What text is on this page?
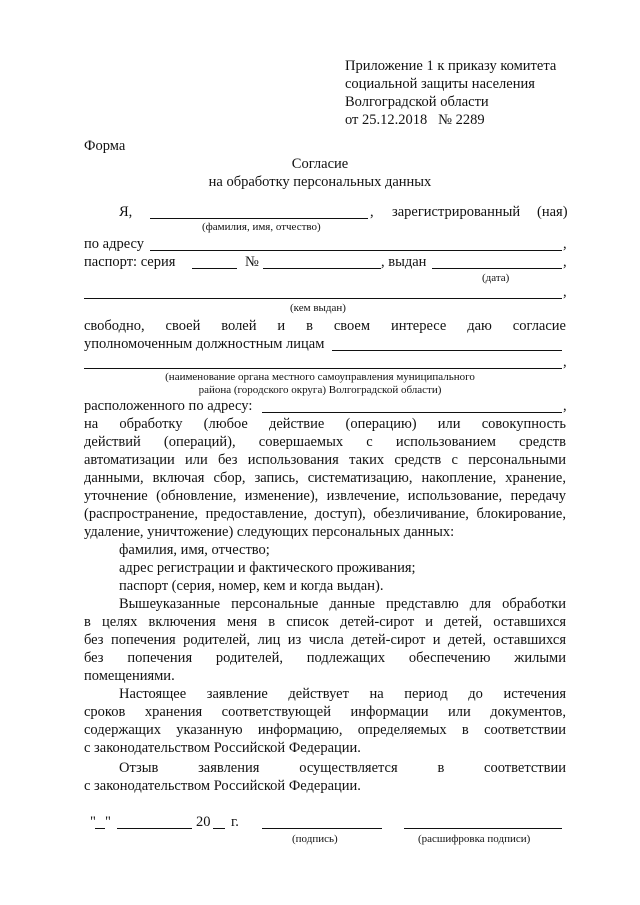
Приложение 1 к приказу комитета
социальной защиты населения
Волгоградской области
от 25.12.2018   № 2289
Форма
Согласие
на обработку персональных данных
Я,	, зарегистрированный (ная)
(фамилия, имя, отчество)
по адресу	,
паспорт: серия	№	, выдан	,
(дата)
,
(кем выдан)
свободно, своей волей и в своем интересе даю согласие
уполномоченным должностным лицам
,
(наименование органа местного самоуправления муниципального
района (городского округа) Волгоградской области)
расположенного по адресу:	,
на обработку (любое действие (операцию) или совокупность
действий (операций), совершаемых с использованием средств
автоматизации или без использования таких средств с персональными
данными, включая сбор, запись, систематизацию, накопление, хранение,
уточнение (обновление, изменение), извлечение, использование, передачу
(распространение, предоставление, доступ), обезличивание, блокирование,
удаление, уничтожение) следующих персональных данных:
фамилия, имя, отчество;
адрес регистрации и фактического проживания;
паспорт (серия, номер, кем и когда выдан).
Вышеуказанные персональные данные представлю для обработки
в целях включения меня в список детей-сирот и детей, оставшихся
без попечения родителей, лиц из числа детей-сирот и детей, оставшихся
без попечения родителей, подлежащих обеспечению жилыми
помещениями.
Настоящее заявление действует на период до истечения
сроков хранения соответствующей информации или документов,
содержащих указанную информацию, определяемых в соответствии
с законодательством Российской Федерации.
Отзыв заявления осуществляется в соответствии
с законодательством Российской Федерации.
" "	20 г.
(подпись)	(расшифровка подписи)
